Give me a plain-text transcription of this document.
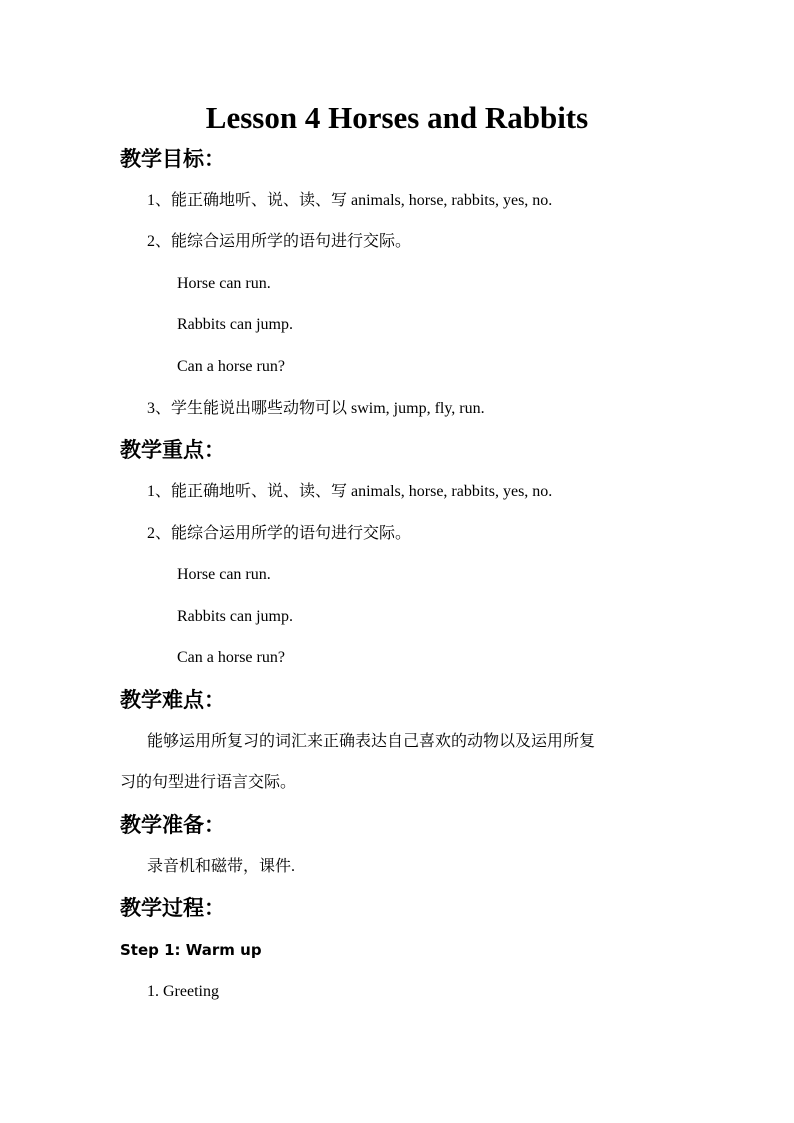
Lesson 4 Horses and Rabbits
教学目标：

1、能正确地听、说、读、写 animals, horse, rabbits, yes, no.

2、能综合运用所学的语句进行交际。

Horse can run.

Rabbits can jump.

Can a horse run?

3、学生能说出哪些动物可以 swim, jump, fly, run.

教学重点：

1、能正确地听、说、读、写 animals, horse, rabbits, yes, no.

2、能综合运用所学的语句进行交际。

Horse can run.

Rabbits can jump.

Can a horse run?

教学难点：

能够运用所复习的词汇来正确表达自己喜欢的动物以及运用所复

习的句型进行语言交际。

教学准备：

录音机和磁带，课件.

教学过程：

Step 1: Warm up

1. Greeting
